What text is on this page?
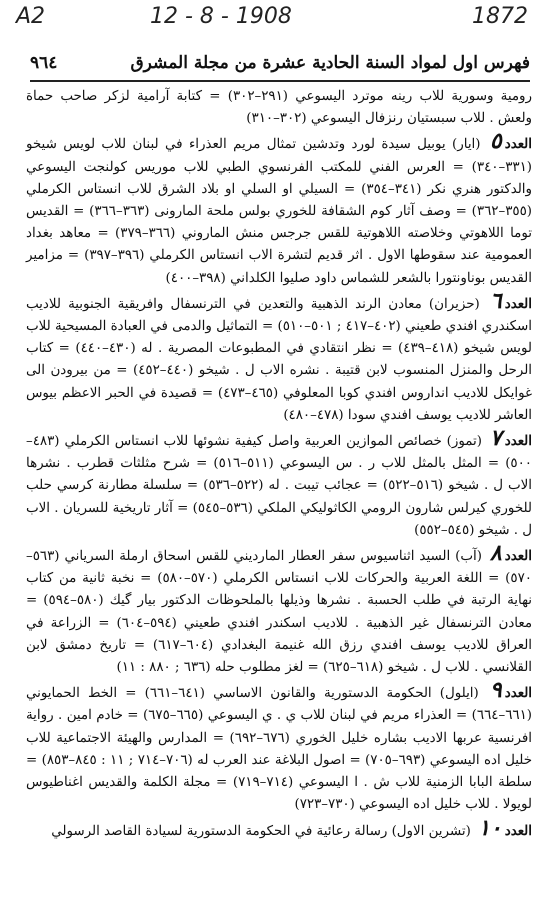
A2	12 - 8 - 1908	1872
٩٦٤	فهرس اول لمواد السنة الحادية عشرة من مجلة المشرق

رومية وسورية للاب رينه موترد اليسوعي (٢٩١–٣٠٢) = كتابة آرامية لزكر صاحب حماة ولعش . للاب سبستيان رنزفال اليسوعي (٣٠٢–٣١٠)

العدد٥ (ايار) يوبيل سيدة لورد وتدشين تمثال مريم العذراء في لبنان للاب لويس شيخو (٣٣١–٣٤٠) = العرس الفني للمكتب الفرنسوي الطبي للاب موريس كولنجت اليسوعي والدكتور هنري نكر (٣٤١–٣٥٤) = السيلي او السلي او بلاد الشرق للاب انستاس الكرملي (٣٥٥–٣٦٢) = وصف آثار كوم الشقافة للخوري بولس ملحة المارونى (٣٦٣–٣٦٦) = القديس توما اللاهوتي وخلاصته اللاهوتية للقس جرجس منش الماروني (٣٦٦–٣٧٩) = معاهد بغداد العمومية عند سقوطها الاول . اثر قديم لتشرة الاب انستاس الكرملي (٣٩٦–٣٩٧) = مزامير القديس بوناونتورا بالشعر للشماس داود صليوا الكلداني (٣٩٨–٤٠٠)

العدد٦ (حزيران) معادن الرند الذهبية والتعدين في الترنسفال وافريقية الجنوبية للاديب اسكندري افندي طعيني (٤٠٢–٤١٧ ; ٥٠١–٥١٠) = التماثيل والدمى في العبادة المسيحية للاب لويس شيخو (٤١٨–٤٣٩) = نظر انتقادي في المطبوعات المصرية . له (٤٣٠–٤٤٠) = كتاب الرحل والمنزل المنسوب لابن قتيبة . نشره الاب ل . شيخو (٤٤٠–٤٥٢) = من بيرودن الى غوايكل للاديب انداروس افندي كوبا المعلوفي (٤٦٥–٤٧٣) = قصيدة في الحبر الاعظم بيوس العاشر للاديب يوسف افندي سودا (٤٧٨–٤٨٠)

العدد٧ (تموز) خصائص الموازين العربية واصل كيفية نشوئها للاب انستاس الكرملي (٤٨٣–٥٠٠) = المثل بالمثل للاب ر . س اليسوعي (٥١١–٥١٦) = شرح مثلثات قطرب . نشرها الاب ل . شيخو (٥١٦–٥٢٢) = عجائب تيبت . له (٥٢٢–٥٣٦) = سلسلة مطارنة كرسي حلب للخوري كيرلس شارون الرومي الكاثوليكي الملكي (٥٣٦–٥٤٥) = آثار تاريخية للسريان . الاب ل . شيخو (٥٤٥–٥٥٢)

العدد٨ (آب) السيد اثناسيوس سفر العطار المارديني للقس اسحاق ارملة السرياني (٥٦٣–٥٧٠) = اللغة العربية والحركات للاب انستاس الكرملي (٥٧٠–٥٨٠) = نخبة ثانية من كتاب نهاية الرتبة في طلب الحسبة . نشرها وذيلها بالملحوظات الدكتور بيار گيك (٥٨٠–٥٩٤) = معادن الترنسفال غير الذهبية . للاديب اسكندر افندي طعيني (٥٩٤–٦٠٤) = الزراعة في العراق للاديب يوسف افندي رزق الله غنيمة البغدادي (٦٠٤–٦١٧) = تاريخ دمشق لابن القلانسي . للاب ل . شيخو (٦١٨–٦٢٥) = لغز مطلوب حله (٦٣٦ ; ٨٨٠ : ١١)

العدد٩ (ايلول) الحكومة الدستورية والقانون الاساسي (٦٤١–٦٦١) = الخط الحمايوني (٦٦١–٦٦٤) = العذراء مريم في لبنان للاب ي . ي اليسوعي (٦٦٥–٦٧٥) = خادم امين . رواية افرنسية عربها الاديب بشاره خليل الخوري (٦٧٦–٦٩٢) = المدارس والهيئة الاجتماعية للاب خليل اده اليسوعي (٦٩٣–٧٠٥) = اصول البلاغة عند العرب له (٧٠٦–٧١٤ ; ١١ : ٨٤٥–٨٥٣) = سلطة البابا الزمنية للاب ش . ا اليسوعي (٧١٤–٧١٩) = مجلة الكلمة والقديس اغناطيوس لويولا . للاب خليل اده اليسوعي (٧٣٠–٧٢٣)

العدد١٠ (تشرين الاول) رسالة رعائية في الحكومة الدستورية لسيادة القاصد الرسولي
